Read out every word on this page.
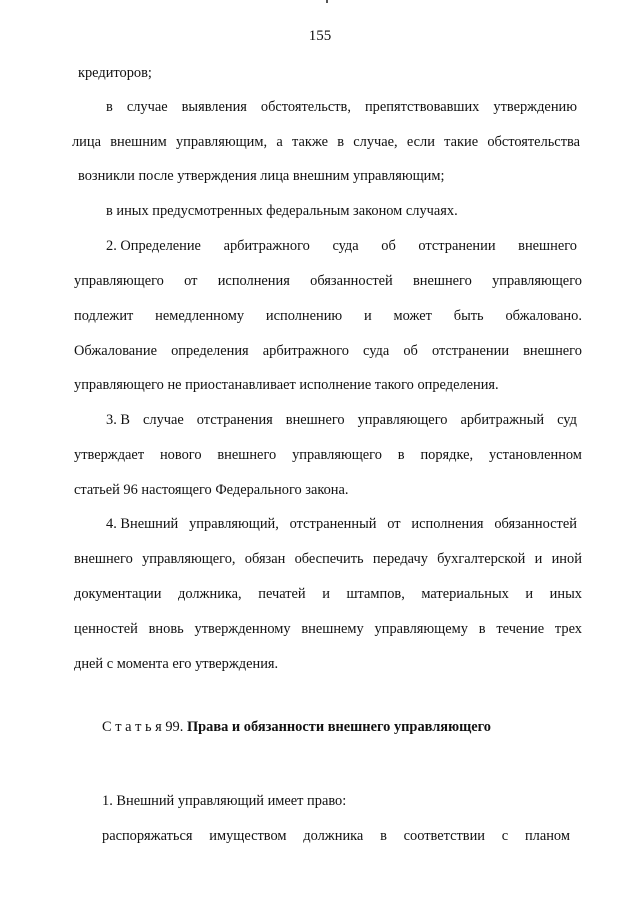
155
кредиторов;
в случае выявления обстоятельств, препятствовавших утверждению
лица внешним управляющим, а также в случае, если такие обстоятельства
возникли после утверждения лица внешним управляющим;
в иных предусмотренных федеральным законом случаях.
2. Определение арбитражного суда об отстранении внешнего
управляющего от исполнения обязанностей внешнего управляющего
подлежит немедленному исполнению и может быть обжаловано.
Обжалование определения арбитражного суда об отстранении внешнего
управляющего не приостанавливает исполнение такого определения.
3. В случае отстранения внешнего управляющего арбитражный суд
утверждает нового внешнего управляющего в порядке, установленном
статьей 96 настоящего Федерального закона.
4. Внешний управляющий, отстраненный от исполнения обязанностей
внешнего управляющего, обязан обеспечить передачу бухгалтерской и иной
документации должника, печатей и штампов, материальных и иных
ценностей вновь утвержденному внешнему управляющему в течение трех
дней с момента его утверждения.
С т а т ь я 99. Права и обязанности внешнего управляющего
1. Внешний управляющий имеет право:
распоряжаться имуществом должника в соответствии с планом
